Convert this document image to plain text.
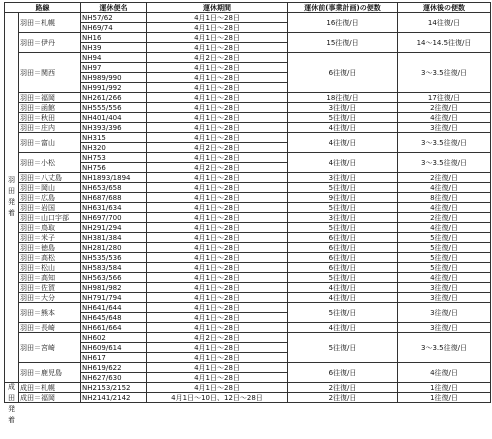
路線		運休便名	運休期間	運休前(事業計画)の便数	運休後の便数
羽田発着	羽田＝札幌	NH57/62	4月1日～28日	16往復/日	14往復/日
		NH69/74	4月1日～28日		
	羽田＝伊丹	NH16	4月1日～28日	15往復/日	14～14.5往復/日
		NH39	4月1日～28日		
	羽田＝関西	NH94	4月2日～28日	6往復/日	3～3.5往復/日
		NH97	4月1日～28日		
		NH989/990	4月1日～28日		
		NH991/992	4月1日～28日		
	羽田＝福岡	NH261/266	4月1日～28日	18往復/日	17往復/日
	羽田＝函館	NH555/556	4月1日～28日	3往復/日	2往復/日
	羽田＝秋田	NH401/404	4月1日～28日	5往復/日	4往復/日
	羽田＝庄内	NH393/396	4月1日～28日	4往復/日	3往復/日
	羽田＝富山	NH315	4月1日～28日	4往復/日	3～3.5往復/日
		NH320	4月2日～28日		
	羽田＝小松	NH753	4月1日～28日	4往復/日	3～3.5往復/日
		NH756	4月2日～28日		
	羽田＝八丈島	NH1893/1894	4月1日～28日	3往復/日	2往復/日
	羽田＝岡山	NH653/658	4月1日～28日	5往復/日	4往復/日
	羽田＝広島	NH687/688	4月1日～28日	9往復/日	8往復/日
	羽田＝岩国	NH631/634	4月1日～28日	5往復/日	4往復/日
	羽田＝山口宇部	NH697/700	4月1日～28日	3往復/日	2往復/日
	羽田＝鳥取	NH291/294	4月1日～28日	5往復/日	4往復/日
	羽田＝米子	NH381/384	4月1日～28日	6往復/日	5往復/日
	羽田＝徳島	NH281/280	4月1日～28日	6往復/日	5往復/日
	羽田＝高松	NH535/536	4月1日～28日	6往復/日	5往復/日
	羽田＝松山	NH583/584	4月1日～28日	6往復/日	5往復/日
	羽田＝高知	NH563/566	4月1日～28日	5往復/日	4往復/日
	羽田＝佐賀	NH981/982	4月1日～28日	4往復/日	3往復/日
	羽田＝大分	NH791/794	4月1日～28日	4往復/日	3往復/日
	羽田＝熊本	NH641/644	4月1日～28日	5往復/日	3往復/日
		NH645/648	4月1日～28日		
	羽田＝長崎	NH661/664	4月1日～28日	4往復/日	3往復/日
	羽田＝宮崎	NH602	4月2日～28日	5往復/日	3～3.5往復/日
		NH609/614	4月1日～28日		
		NH617	4月1日～28日		
	羽田＝鹿児島	NH619/622	4月1日～28日	6往復/日	4往復/日
		NH627/630	4月1日～28日		
成田発着	成田＝札幌	NH2153/2152	4月1日～28日	2往復/日	1往復/日
	成田＝福岡	NH2141/2142	4月1日～10日、12日～28日	2往復/日	1往復/日
